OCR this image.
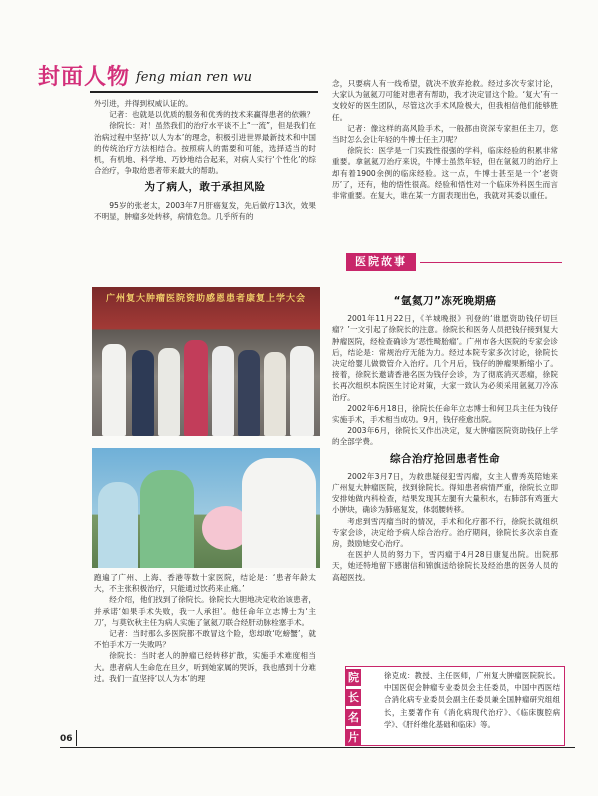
封面人物 feng mian ren wu

外引进，并得到权威认证的。

记者：也就是以优质的服务和优秀的技术来赢得患者的依赖？

徐院长：对！虽然我们的治疗水平谈不上“一流”，但是我们在治病过程中坚持‘以人为本’的理念，积极引进世界最新技术和中国的传统治疗方法相结合。按照病人的需要和可能，选择适当的时机，有机地、科学地、巧妙地结合起来，对病人实行‘个性化’的综合治疗，争取给患者带来最大的帮助。

为了病人，敢于承担风险

95岁的张老太，2003年7月肝癌复发，先后做疗13次，效果不明显，肿瘤多处转移，病情危急。几乎所有的

广州复大肿瘤医院资助感恩患者康复上学大会

跑遍了广州、上海、香港等数十家医院，结论是：‘患者年龄太大，不主张积极治疗，只能通过饮药来止痛。’

经介绍，他们找到了徐院长。徐院长大胆地决定收治该患者，并承诺‘如果手术失败，我一人承担’。他任命年立志博士为‘主刀’，与莫钦秋主任为病人实施了氩氦刀联合经肝动脉栓塞手术。

记者：当时那么多医院都不敢冒这个险，您却敢‘吃螃蟹’，就不怕手术万一失败吗？

徐院长：当时老人的肿瘤已经转移扩散，实施手术难度相当大。患者病人生命危在旦夕，听到她家属的哭诉，我也感到十分难过。我们一直坚持‘以人为本’的理

念，只要病人有一线希望，就决不放弃抢救。经过多次专家讨论，大家认为氩氦刀可能对患者有帮助，我才决定冒这个险。‘复大’有一支较好的医生团队，尽管这次手术风险极大，但我相信他们能够胜任。

记者：像这样的高风险手术，一般都由资深专家担任主刀，您当时怎么会让年轻的牛博士任主刀呢？

徐院长：医学是一门实践性很强的学科，临床经验的积累非常重要。拿氩氦刀治疗来说，牛博士虽然年轻，但在氩氦刀的治疗上却有着1900余例的临床经验。这一点，牛博士甚至是一个‘老资历’了，还有，他的悟性很高。经验和悟性对一个临床外科医生而言非常重要。在复大，谁在某一方面表现出色，我就对其委以重任。

医院故事
“氩氦刀”冻死晚期癌

2001年11月22日，《羊城晚报》刊登的‘谁愿资助钱仔切巨瘤？’一文引起了徐院长的注意。徐院长和医务人员把钱仔接到复大肿瘤医院，经检查确诊为‘恶性畸胎瘤’。广州市各大医院的专家会诊后，结论是：常规治疗无能为力。经过本院专家多次讨论，徐院长决定给婴儿做微管介入治疗。几个月后，钱仔的肿瘤果断缩小了。接着，徐院长邀请香港名医为钱仔会诊，为了彻底消灭恶瘤，徐院长再次组织本院医生讨论对策，大家一致认为必须采用氩氦刀冷冻治疗。

2002年6月18日，徐院长任命年立志博士和何卫兵主任为钱仔实施手术，手术相当成功。9月，钱仔痊愈出院。

2003年6月，徐院长又作出决定，复大肿瘤医院资助钱仔上学的全部学费。

综合治疗抢回患者性命

2002年3月7日，为救患疑侵犯雪丙瘤，女主人曹秀英陪她来广州复大肿瘤医院，找到徐院长。得知患者病情严重，徐院长立即安排她做内科检查，结果发现其左腿有大量积水，右肺部有鸡蛋大小肿块，确诊为肺癌复发，体弱腰转移。

考虑到雪丙瘤当时的情况，手术和化疗都不行，徐院长就组织专家会诊，决定给予病人综合治疗。治疗期间，徐院长多次亲自查房，鼓励她安心治疗。

在医护人员的努力下，雪丙瘤于4月28日康复出院。出院那天，她还特地留下感谢信和锦旗送给徐院长及经治患的医务人员的高超医技。

院 长 名 片
徐克成：教授、主任医师，广州复大肿瘤医院院长。中国医促会肿瘤专业委员会主任委员，中国中西医结合消化病专业委员会副主任委员兼全国肿瘤研究组组长，主要著作有《消化病现代治疗》、《临床腹腔病学》、《肝纤维化基础和临床》等。
06
